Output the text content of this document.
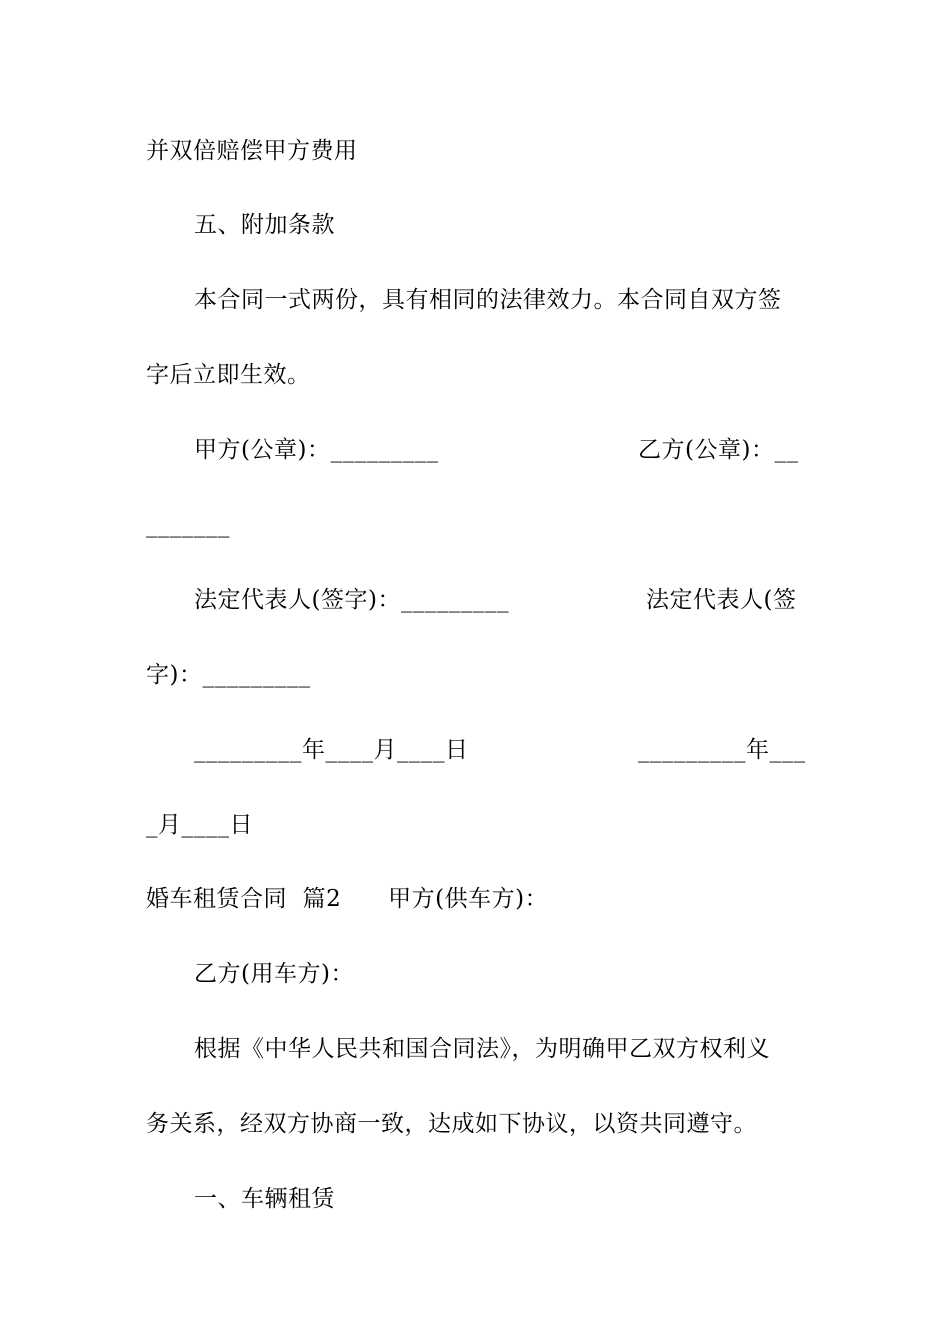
并双倍赔偿甲方费用
五、附加条款
本合同一式两份，具有相同的法律效力。本合同自双方签
字后立即生效。
甲方(公章)：_________	乙方(公章)：__
_______
法定代表人(签字)：_________	法定代表人(签
字)：_________
_________年____月____日	_________年___
_月____日
婚车租赁合同  篇2      甲方(供车方)：
乙方(用车方)：
根据《中华人民共和国合同法》，为明确甲乙双方权利义
务关系，经双方协商一致，达成如下协议，以资共同遵守。
一、车辆租赁
